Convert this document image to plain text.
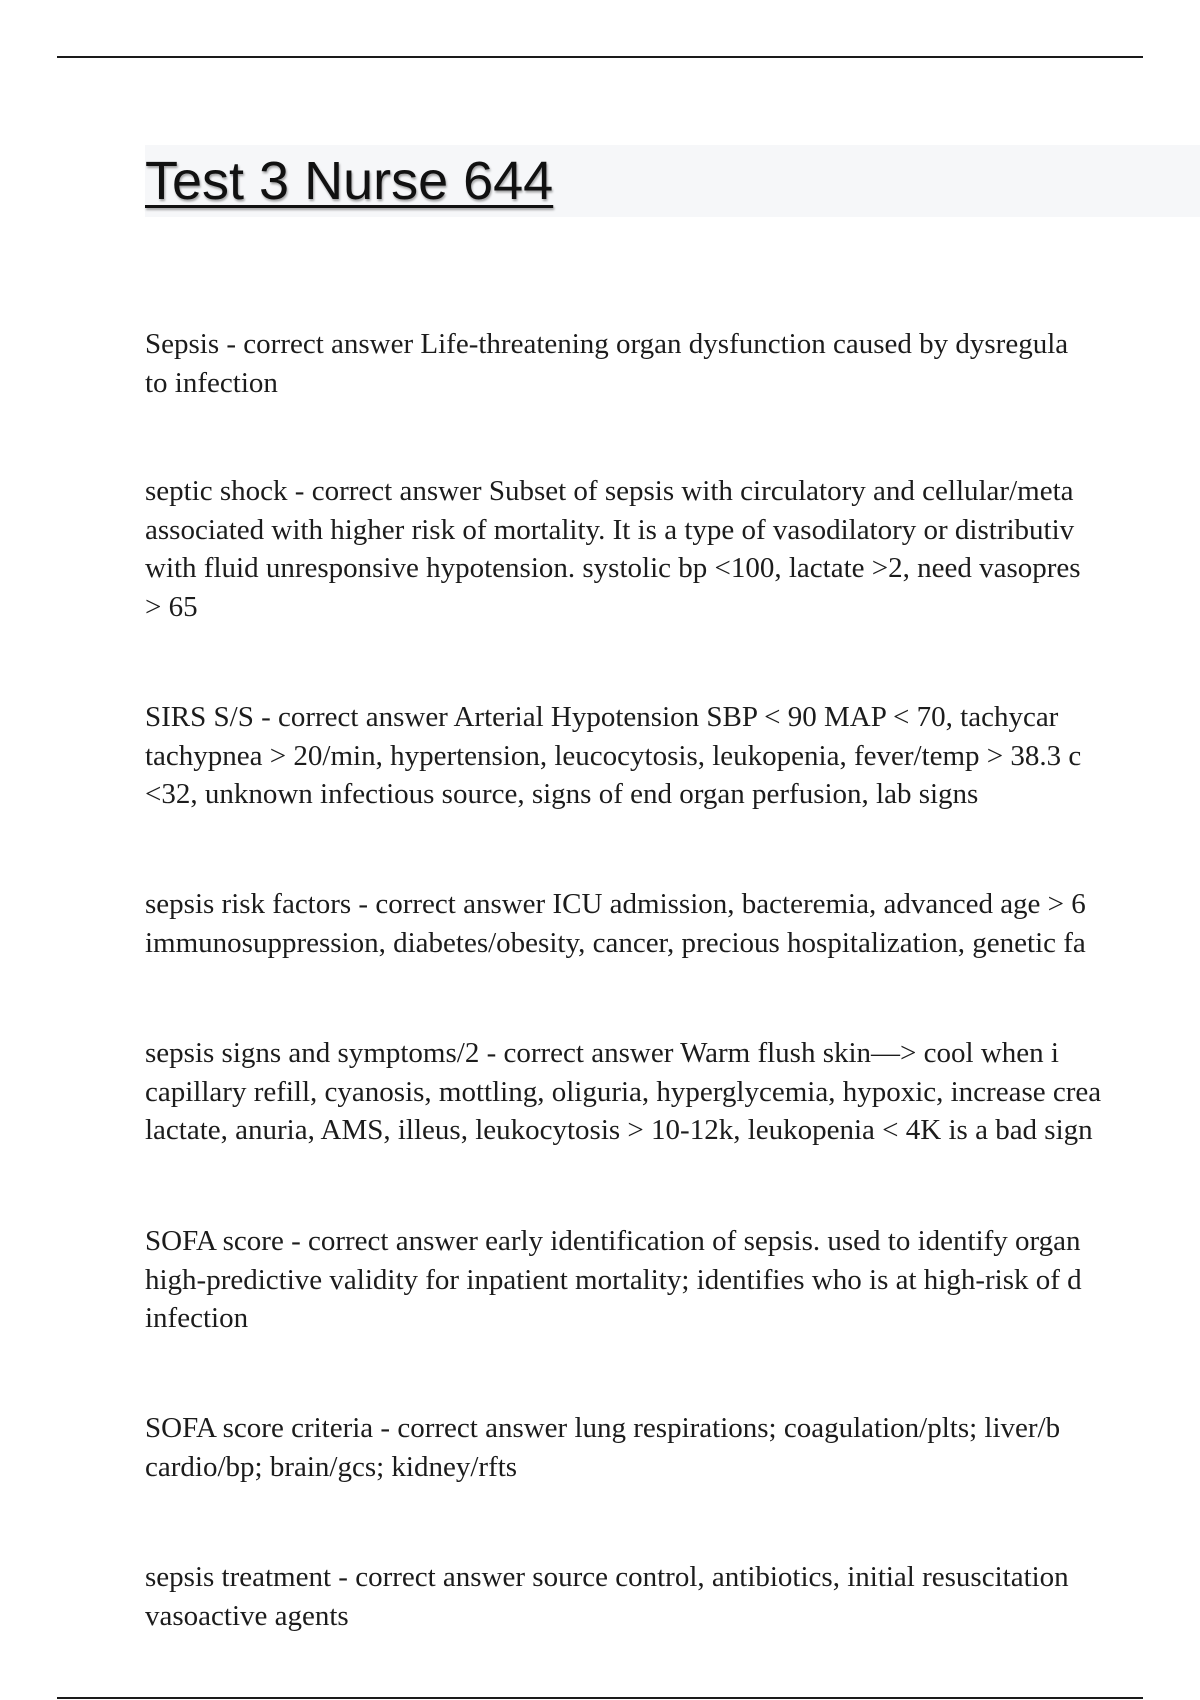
Test 3 Nurse 644

Sepsis - correct answer Life-threatening organ dysfunction caused by dysregula
to infection

septic shock - correct answer Subset of sepsis with circulatory and cellular/meta
associated with higher risk of mortality. It is a type of vasodilatory or distributiv
with fluid unresponsive hypotension. systolic bp <100, lactate >2, need vasopres
> 65

SIRS S/S - correct answer Arterial Hypotension SBP < 90 MAP < 70, tachycar
tachypnea > 20/min, hypertension, leucocytosis, leukopenia, fever/temp > 38.3 c
<32, unknown infectious source, signs of end organ perfusion, lab signs

sepsis risk factors - correct answer ICU admission, bacteremia, advanced age > 6
immunosuppression, diabetes/obesity, cancer, precious hospitalization, genetic fa

sepsis signs and symptoms/2 - correct answer Warm flush skin—> cool when i
capillary refill, cyanosis, mottling, oliguria, hyperglycemia, hypoxic, increase crea
lactate, anuria, AMS, illeus, leukocytosis > 10-12k, leukopenia < 4K is a bad sign

SOFA score - correct answer early identification of sepsis. used to identify organ
high-predictive validity for inpatient mortality; identifies who is at high-risk of d
infection

SOFA score criteria - correct answer lung respirations; coagulation/plts; liver/b
cardio/bp; brain/gcs; kidney/rfts

sepsis treatment - correct answer source control, antibiotics, initial resuscitation
vasoactive agents
